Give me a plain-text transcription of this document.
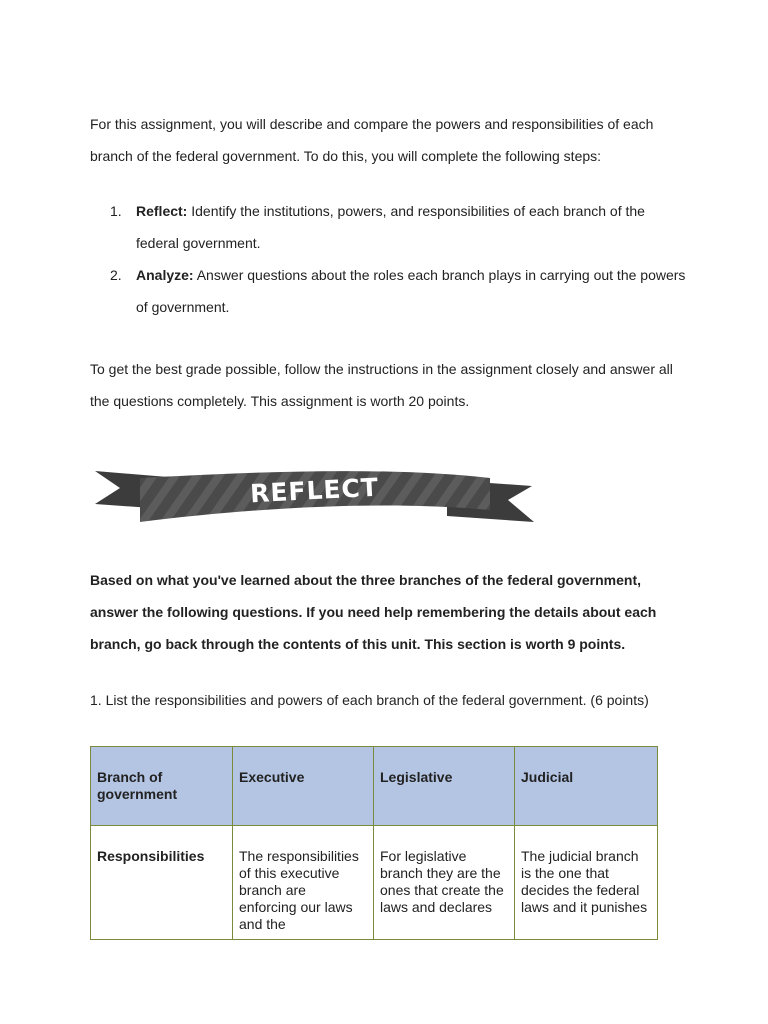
For this assignment, you will describe and compare the powers and responsibilities of each branch of the federal government. To do this, you will complete the following steps:

1.	Reflect: Identify the institutions, powers, and responsibilities of each branch of the federal government.
2.	Analyze: Answer questions about the roles each branch plays in carrying out the powers of government.

To get the best grade possible, follow the instructions in the assignment closely and answer all the questions completely. This assignment is worth 20 points.

REFLECT

Based on what you've learned about the three branches of the federal government, answer the following questions. If you need help remembering the details about each branch, go back through the contents of this unit. This section is worth 9 points.

1. List the responsibilities and powers of each branch of the federal government. (6 points)

Branch of government	Executive	Legislative	Judicial
Responsibilities	The responsibilities of this executive branch are enforcing our laws and the	For legislative branch they are the ones that create the laws and declares	The judicial branch is the one that decides the federal laws and it punishes
